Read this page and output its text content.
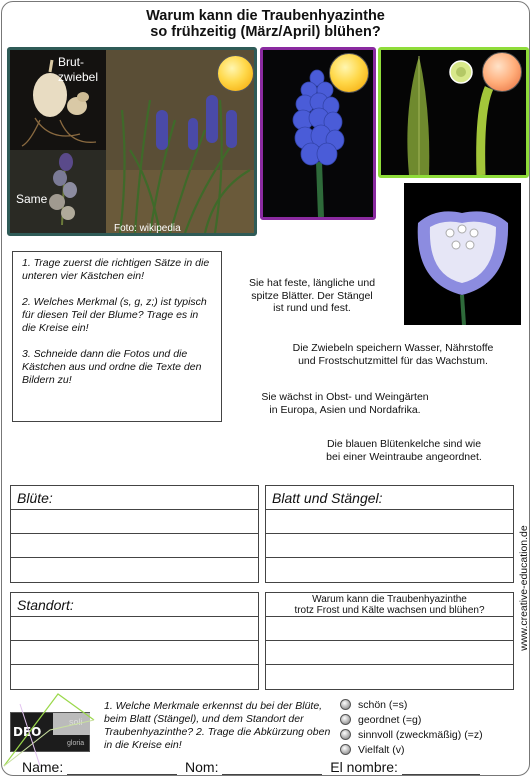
Warum kann die Traubenhyazinthe
so frühzeitig (März/April) blühen?
Brut-
zwiebel
Same
Foto: wikipedia

1. Trage zuerst die richtigen Sätze in die unteren vier Kästchen ein!

2. Welches Merkmal (s, g, z;) ist typisch für diesen Teil der Blume? Trage es in die Kreise ein!

3. Schneide dann die Fotos und die Kästchen aus und ordne die Texte den Bildern zu!

Sie hat feste, längliche und
spitze Blätter. Der Stängel
ist rund und fest.
Die Zwiebeln speichern Wasser, Nährstoffe
und Frostschutzmittel für das Wachstum.
Sie wächst in Obst- und Weingärten
in Europa, Asien und Nordafrika.
Die blauen Blütenkelche sind wie
bei einer Weintraube angeordnet.
Blüte:	Blatt und Stängel:
Standort:	Warum kann die Traubenhyazinthe
trotz Frost und Kälte wachsen und blühen?	www.creative-education.de
DEO
soli
gloria
1. Welche Merkmale erkennst du bei der Blüte, beim Blatt (Stängel), und dem Standort der Traubenhyazinthe? 2. Trage die Abkürzung oben in die Kreise ein!
schön (=s)
geordnet (=g)
sinnvoll (zweckmäßig) (=z)
Vielfalt (v)
Name:	Nom:	El nombre:
